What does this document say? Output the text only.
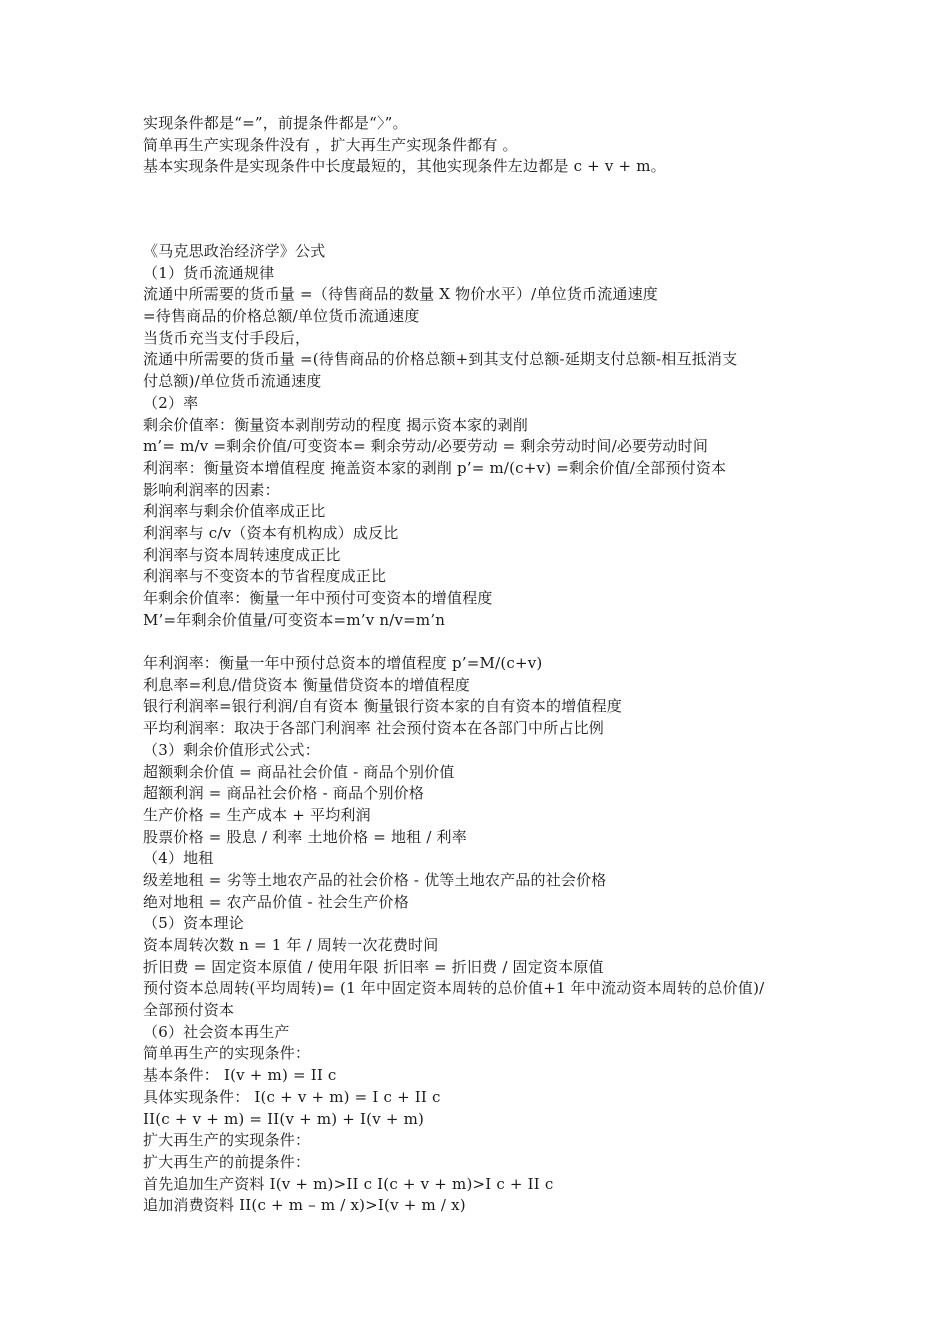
实现条件都是“=”，前提条件都是“〉”。
简单再生产实现条件没有 ，扩大再生产实现条件都有 。
基本实现条件是实现条件中长度最短的，其他实现条件左边都是 c + v + m。
《马克思政治经济学》公式
（1）货币流通规律
流通中所需要的货币量 =（待售商品的数量 X 物价水平）/单位货币流通速度
=待售商品的价格总额/单位货币流通速度
当货币充当支付手段后，
流通中所需要的货币量 =(待售商品的价格总额+到其支付总额-延期支付总额-相互抵消支
付总额)/单位货币流通速度
（2）率
剩余价值率：衡量资本剥削劳动的程度 揭示资本家的剥削
m’= m/v =剩余价值/可变资本= 剩余劳动/必要劳动 = 剩余劳动时间/必要劳动时间
利润率：衡量资本增值程度 掩盖资本家的剥削 p’= m/(c+v) =剩余价值/全部预付资本
影响利润率的因素：
利润率与剩余价值率成正比
利润率与 c/v（资本有机构成）成反比
利润率与资本周转速度成正比
利润率与不变资本的节省程度成正比
年剩余价值率：衡量一年中预付可变资本的增值程度
M’=年剩余价值量/可变资本=m’v n/v=m’n
年利润率：衡量一年中预付总资本的增值程度 p’=M/(c+v)
利息率=利息/借贷资本 衡量借贷资本的增值程度
银行利润率=银行利润/自有资本 衡量银行资本家的自有资本的增值程度
平均利润率：取决于各部门利润率 社会预付资本在各部门中所占比例
（3）剩余价值形式公式：
超额剩余价值 = 商品社会价值 - 商品个别价值
超额利润 = 商品社会价格 - 商品个别价格
生产价格 = 生产成本 + 平均利润
股票价格 = 股息 / 利率 土地价格 = 地租 / 利率
（4）地租
级差地租 = 劣等土地农产品的社会价格 - 优等土地农产品的社会价格
绝对地租 = 农产品价值 - 社会生产价格
（5）资本理论
资本周转次数 n = 1 年 / 周转一次花费时间
折旧费 = 固定资本原值 / 使用年限 折旧率 = 折旧费 / 固定资本原值
预付资本总周转(平均周转)= (1 年中固定资本周转的总价值+1 年中流动资本周转的总价值)/
全部预付资本
（6）社会资本再生产
简单再生产的实现条件：
基本条件： I(v + m) = II c
具体实现条件： I(c + v + m) = I c + II c
II(c + v + m) = II(v + m) + I(v + m)
扩大再生产的实现条件：
扩大再生产的前提条件：
首先追加生产资料 I(v + m)>II c I(c + v + m)>I c + II c
追加消费资料 II(c + m – m / x)>I(v + m / x)
